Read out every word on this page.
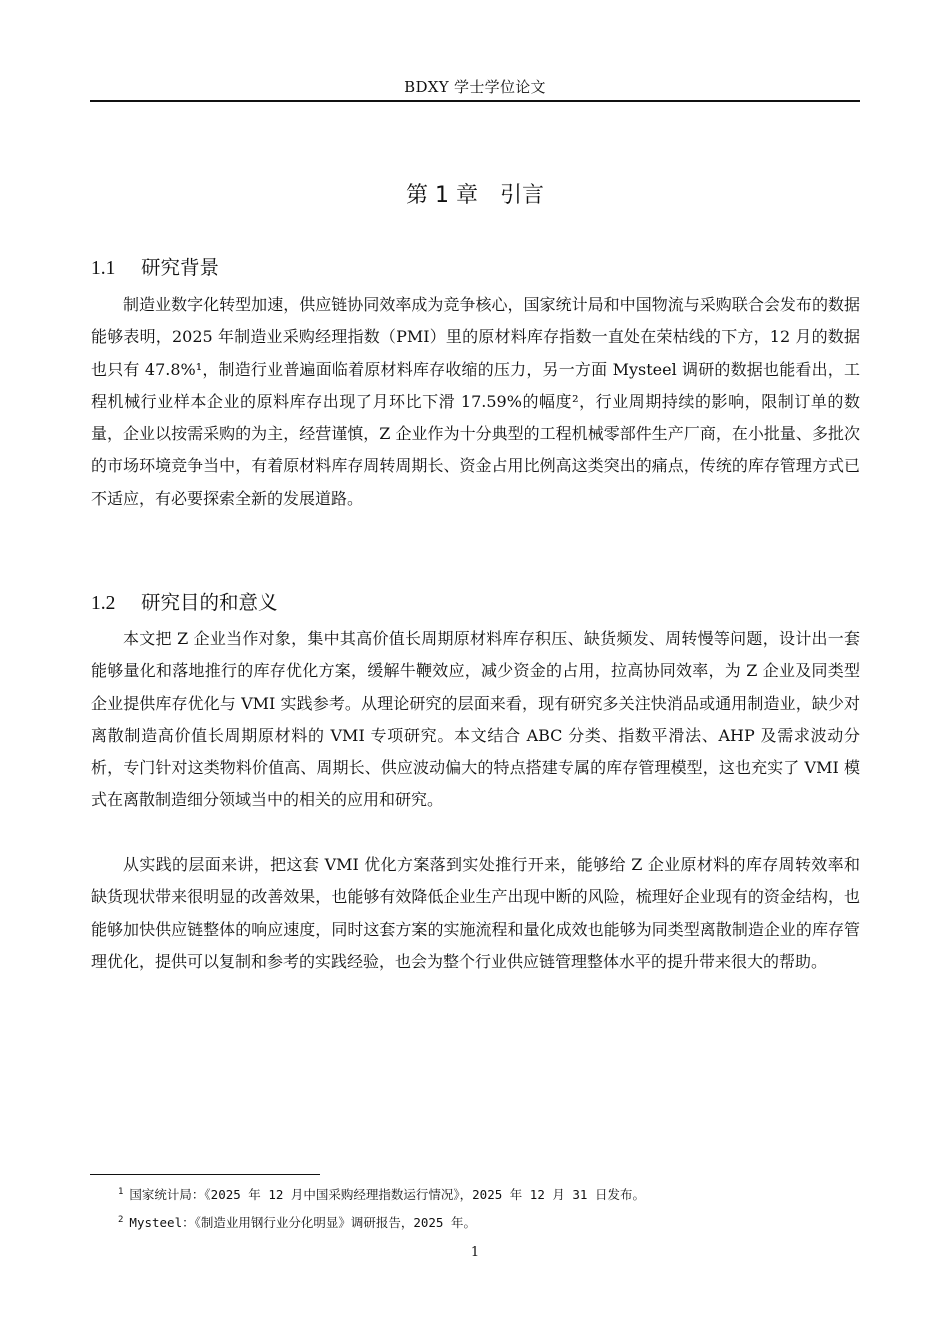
BDXY 学士学位论文
第 1 章 引言
1.1 研究背景

制造业数字化转型加速，供应链协同效率成为竞争核心，国家统计局和中国物流与采购联合会发布的数据能够表明，2025 年制造业采购经理指数（PMI）里的原材料库存指数一直处在荣枯线的下方，12 月的数据也只有 47.8%¹，制造行业普遍面临着原材料库存收缩的压力，另一方面 Mysteel 调研的数据也能看出，工程机械行业样本企业的原料库存出现了月环比下滑 17.59%的幅度²，行业周期持续的影响，限制订单的数量，企业以按需采购的为主，经营谨慎，Z 企业作为十分典型的工程机械零部件生产厂商，在小批量、多批次的市场环境竞争当中，有着原材料库存周转周期长、资金占用比例高这类突出的痛点，传统的库存管理方式已不适应，有必要探索全新的发展道路。

1.2 研究目的和意义

本文把 Z 企业当作对象，集中其高价值长周期原材料库存积压、缺货频发、周转慢等问题，设计出一套能够量化和落地推行的库存优化方案，缓解牛鞭效应，减少资金的占用，拉高协同效率，为 Z 企业及同类型企业提供库存优化与 VMI 实践参考。从理论研究的层面来看，现有研究多关注快消品或通用制造业，缺少对离散制造高价值长周期原材料的 VMI 专项研究。本文结合 ABC 分类、指数平滑法、AHP 及需求波动分析，专门针对这类物料价值高、周期长、供应波动偏大的特点搭建专属的库存管理模型，这也充实了 VMI 模式在离散制造细分领域当中的相关的应用和研究。

从实践的层面来讲，把这套 VMI 优化方案落到实处推行开来，能够给 Z 企业原材料的库存周转效率和缺货现状带来很明显的改善效果，也能够有效降低企业生产出现中断的风险，梳理好企业现有的资金结构，也能够加快供应链整体的响应速度，同时这套方案的实施流程和量化成效也能够为同类型离散制造企业的库存管理优化，提供可以复制和参考的实践经验，也会为整个行业供应链管理整体水平的提升带来很大的帮助。

$^1$ 国家统计局：《2025 年 12 月中国采购经理指数运行情况》，2025 年 12 月 31 日发布。
$^2$ Mysteel：《制造业用钢行业分化明显》调研报告，2025 年。
1
